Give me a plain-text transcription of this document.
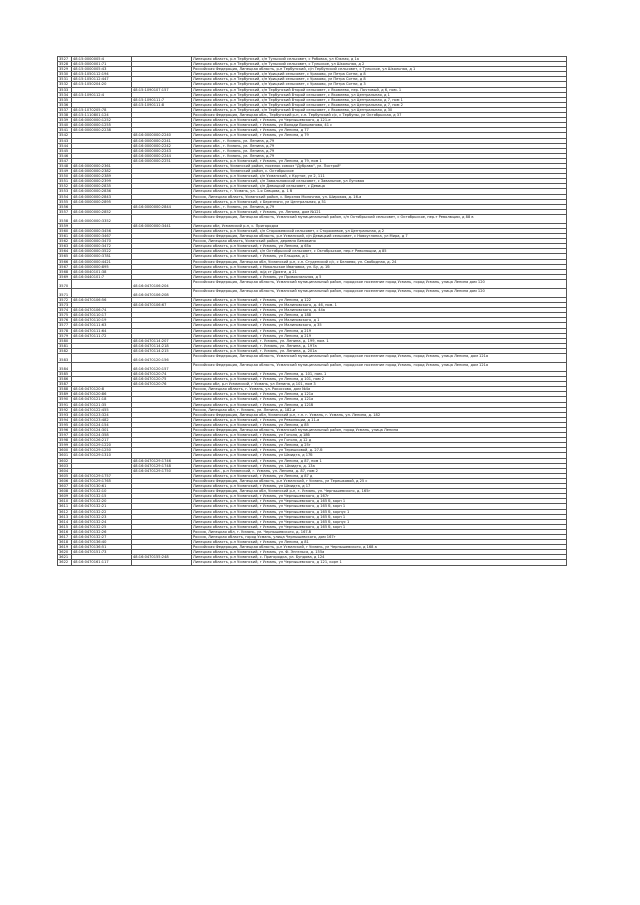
3527	48:15:0000005:4		Липецкая область, р-н Тербунский, с/п Тульский сельсовет, с Рябовка, ул Южная, д 1а
3528	48:15:0000001:71		Липецкая область, р-н Тербунский, с/п Тульский сельсовет, с Тульское, ул Школьная, д 2
3529	48:15:0000005:43		Российская Федерация, Липецкая область, р-н Тербунский, с/п Тербунский сельсовет, с Тульское, ул Школьная, д 1
3530	48:15:1050112:194		Липецкая область, р-н Тербунский, с/п Урицкий сельсовет, с Ураково, ул Петра Сотни, д 8
3531	48:15:1050112:447		Липецкая область, р-н Тербунский, с/п Урицкий сельсовет, с Ураково, ул Петра Сотни, д 8
3532	48:15:1050204:20		Липецкая область, р-н Тербунский, с/п Урицкий сельсовет, с Ураково, ул Петра Сотни, д 3
3533		48:15:1090107:157	Липецкая область, р-н Тербунский, с/п Тербунский Второй сельсовет, с Яковлево, пер. Почтовый, д 6, пом. 1
3534	48:15:1090112:4		Липецкая область, р-н Тербунский, с/п Тербунский Второй сельсовет, с Яковлево, ул Центральная, д 1
3535		48:15:1090111:7	Липецкая область, р-н Тербунский, с/п Тербунский Второй сельсовет, с Яковлево, ул Центральная, д 7, пом 1
3536		48:15:1090111:8	Липецкая область, р-н Тербунский, с/п Тербунский Второй сельсовет, с Яковлево, ул Центральная, д 7, пом 2
3537	48:15:1070205:78		Липецкая область, р-н Тербунский, с/п Тербунский Второй сельсовет, с Яковлево, ул Центральная, д 30
3538	48:15:1110801:124		Российская Федерация, Липецкая обл., Тербунский р-н, с.п. Тербунский с/с, с Тербуны, ул Октябрьская, д 37
3539	48:16:0000000:1252		Липецкая область, р-н Усманский, г Усмань, ул Чернышевского, д 121-е
3540	48:16:0000000:1255		Липецкая область, р-н Усманский, г Усмань, ул Володи Вольманова, 41 с
3541	48:16:0000000:2238		Липецкая область, р-н Усманский, г Усмань, ул Ленина, д 77
3542		48:16:0000000:2240	Липецкая область, р-н Усманский, г Усмань, ул Ленина, д 79
3543		48:16:0000000:2241	Липецкая обл., г. Усмань, ул. Ленина, д.79
3544		48:16:0000000:2242	Липецкая обл., г. Усмань, ул. Ленина, д.79
3545		48:16:0000000:2243	Липецкая обл., г. Усмань, ул. Ленина, д.79
3546		48:16:0000000:2244	Липецкая обл., г. Усмань, ул. Ленина, д.79
3547		48:16:0000000:2251	Липецкая область, р-н Усманский, г Усмань, ул Ленина, д 79, пом 1
3548	48:16:0000000:2361		Липецкая область, Усманский район, поселок совхоз "Дубрава", ул. Построй"
3549	48:16:0000000:2382		Липецкая область, Усманский район, с. Октябрьское
3550	48:16:0000000:2389		Липецкая область, р-н Усманский, с/п Усманский, с Крутое, ул 2, 111
3551	48:16:0000000:2399		Липецкая область, р-н Усманский, с/п Завальновский сельсовет, с Завальное, ул Луговая
3552	48:16:0000000:2835		Липецкая область, р-н Усманский, с/п Девицкий сельсовет, с Девица
3553	48:16:0000000:2836		Липецкая область, г. Усмань, ул. 1-я Севцова, д. 1 б
3554	48:16:0000000:2843		Россия, Липецкая область, Усманский район, с. Верхняя Молочная, ул. Широкая, д. 16-а
3555	48:16:0000000:2895		Липецкая область, р-н Усманский, с Березняги, ул Центральная, д 51
3556		48:16:0000000:2844	Липецкая обл., г. Усмань, ул. Ленина, д.79
3557	48:16:0000000:2852		Липецкая область, р-н Усманский, г Усмань, ул. Ленина, дом №121
3558	48:16:0000000:3352		Российская Федерация, Липецкая область, Усманский муниципальный район, с/п Октябрьский сельсовет, с Октябрьское, пер-т Революции, д 88 в
3559		48:16:0000000:3441	Липецкая обл, Усманский р-н, с. Пригородка
3560	48:16:0000000:3456		Липецкая область, р-н Усманский, с/п Сторожевской сельсовет, с Сторожевое, ул Центральная, д 2
3561	48:16:0000000:3467		Российская Федерация, Липецкая область, р-н Усманский, с/п Девицкий сельсовет, с Новоуглянка, ул Мира, д 7
3562	48:16:0000000:3470		Россия, Липецкая область, Усманский район, деревня Бемякино
3563	48:16:0000000:3472		Липецкая область, р-н Усманский, г Усмань, ул Ленина, д 65а
3564	48:16:0000000:3522		Липецкая область, р-н Усманский, с/п Октябрьский сельсовет, с Октябрьское, пер-т Революции, д 85
3565	48:16:0000000:3781		Липецкая область, р-н Усманский, г Усмань, ул Ельцова, д 1
3566	48:16:0000000:4421		Российская Федерация, Липецкая обл, Усманский р-н, с.п. Студенский с/с, с Беляево, ул. Свободная, д. 24
3567	48:16:0000000:895		Липецкая область, р-н Усманский, с Никольское Ивановка, ул. Бу, д. 1б
3568	48:16:0040101:38		Липецкая область, р-н Усманский, ж/д ст Дрязги, д 21
3569	48:16:0440101:7		Липецкая область, р-н Усманский, с Усмань, ул Привокзальная, д 5
3570		48:16:0470106:204	Российская Федерация, Липецкая область, Усманский муниципальный район, городское поселение город Усмань, город Усмань, улица Ленина дом 120
3571		48:16:0470106:208	Российская Федерация, Липецкая область, Усманский муниципальный район, городское поселение город Усмань, город Усмань, улица Ленина дом 120
3572	48:16:0470106:56		Липецкая область, р-н Усманский, г Усмань, ул Ленина, д 122
3573		48:16:0470106:67	Липецкая область, р-н Усманский, г Усмань, ул Малиновского, д. 46, пом. 1
3574	48:16:0470106:74		Липецкая область, р-н Усманский, г Усмань, ул Малиновского, д. 44а
3575	48:16:0470110:17		Липецкая область, р-н Усманский, г Усмань, ул Ленина, д 188
3576	48:16:0470110:19		Липецкая область, р-н Усманский, г Усмань, ул Малиновского, д 1
3577	48:16:0470111:63		Липецкая область, р-н Усманский, г Усмань, ул Малиновского, д 35
3578	48:16:0470111:64		Липецкая область, р-н Усманский, г Усмань, ул Ленина, д 219
3579	48:16:0470111:72		Липецкая область, р-н Усманский, г Усмань, ул Ленина, д 219
3580		48:16:0470114:207	Липецкая область, р-н Усманский, г. Усмань, ул. Ленина, д. 199, пом. 1
3581		48:16:0470114:218	Липецкая область, р-н Усманский, г. Усмань, ул. Ленина, д. 197а
3582		48:16:0470114:215	Липецкая область, р-н Усманский, г. Усмань, ул. Ленина, д. 201а
3583		48:16:0470120:156	Российская Федерация, Липецкая область, Усманский муниципальный район, городское поселение город Усмань, город Усмань, улица Ленина, дом 121а
3584		48:16:0470120:157	Российская Федерация, Липецкая область, Усманский муниципальный район, городское поселение город Усмань, город Усмань, улица Ленина, дом 121а
3585		48:16:0470120:74	Липецкая область, р-н Усманский, г Усмань, ул Ленина, д. 101, пом. 1
3586		48:16:0470120:75	Липецкая область, р-н Усманский, г Усмань, ул Ленина, д 101, пом 2
3587		48:16:0470120:76	Липецкая обл, р-н Усманский, г Усмань, ул Ленина, д 101, пом 3
3588	48:16:0470120:8		Россия, Липецкая область, г. Усмань, ул. Рокоссова, дом №4а
3589	48:16:0470120:86		Липецкая область, р-н Усманский, г Усмань, ул Ленина, д 121а
3590	48:16:0470121:18		Липецкая область, р-н Усманский, г Усмань, ул Ленина, д 121а
3591	48:16:0470121:35		Липецкая область, р-н Усманский, г Усмань, ул Ленина, д 121б
3592	48:16:0470122:455		Россия, Липецкая обл, г. Усмань, ул. Ленина, д. 182-и
3593	48:16:0470123:324		Российская Федерация, Липецкая обл, Усманский р-н, г.п. г. Усмань, г. Усмань, ул. Ленина, д. 182
3594	48:16:0470123:482		Липецкая область, р-н Усманский, г Усмань, ул Революции, д 11-а
3595	48:16:0470124:154		Липецкая область, р-н Усманский, г Усмань, ул Ленина, д 85
3596	48:16:0470124:301		Российская Федерация, Липецкая область, Усманский муниципальный район, город Усмань, улица Ленина
3597	48:16:0470124:358		Липецкая область, р-н Усманский, г Усмань, ул Гоголя, д 18б
3598	48:16:0470126:217		Липецкая область, р-н Усманский, г Усмань, ул Гоголя, д 12 д
3599	48:16:0470129:1220		Липецкая область, р-н Усманский, г Усмань, ул Ленина, д 25г
3600	48:16:0470129:1250		Липецкая область, р-н Усманский, г Усмань, ул Терешковой, д. 27-б
3601	48:16:0470129:1310		Липецкая область, р-н Усманский, г Усмань, ул Шмидта, д 17б
3602		48:16:0470129:1746	Липецкая область, р-н Усманский, г Усмань, ул Ленина, д 87, пом 1
3603		48:16:0470129:1748	Липецкая область, р-н Усманский, г Усмань, ул. Шмидта, д. 13а
3604		48:16:0470129:1750	Липецкая обл., р-н Усманский, г. Усмань, ул. Ленина, д. 87, пом 2
3605	48:16:0470129:1757		Липецкая область, р-н Усманский, г Усмань, ул Ленина, д 87 д
3606	48:16:0470129:1765		Российская Федерация, Липецкая область, р-н Усманский, г Усмань, ул Терешковой, д 25 с
3607	48:16:0470130:61		Липецкая область, р-н Усманский, г Усмань, ул Шмидта, д 17
3608	48:16:0470132:10		Российская Федерация, Липецкая обл, Усманский р-н, г. Усмань, ул. Чернышевского, д. 165г
3609	48:16:0470132:15		Липецкая область, р-н Усманский, г Усмань, ул Чернышевского, д 167г
3610	48:16:0470132:20		Липецкая область, р-н Усманский, г Усмань, ул Чернышевского, д 165 б, корп 1
3611	48:16:0470132:21		Липецкая область, р-н Усманский, г Усмань, ул Чернышевского, д 165 б, корп 1
3612	48:16:0470132:22		Липецкая область, р-н Усманский, г Усмань, ул Чернышевского, д 165 б, корпус 1
3613	48:16:0470132:23		Липецкая область, р-н Усманский, г Усмань, ул Чернышевского, д 165 б, корп 1
3614	48:16:0470132:24		Липецкая область, р-н Усманский, г Усмань, ул Чернышевского, д 165 б, корпус 1
3615	48:16:0470132:25		Липецкая область, р-н Усманский, г Усмань, ул Чернышевского, д 165 б, корп 1
3616	48:16:0470132:26		Россия, Липецкая обл, г. Усмань, ул. Чернышевского, д. 167-б
3617	48:16:0470132:27		Россия, Липецкая область, город Усмань, улица Чернышевского, дом 167г
3618	48:16:0470136:40		Липецкая область, р-н Усманский, г Усмань, ул Ленина, д 81
3619	48:16:0470136:51		Российская Федерация, Липецкая область, р-н Усманский, г Усмань, ул Чернышевского, д 168 а
3620	48:16:0470151:73		Липецкая область, р-н Усманский, г Усмань, ул. Ф. Энгельса, д. 155а
3621		48:16:0470155:248	Липецкая область, р-н Усманский, с. Пригородка, ул. Бундова, д 124
3622	48:16:0470161:117		Липецкая область, р-н Усманский, г Усмань, ул Чернышевского, д 121, корп 1
